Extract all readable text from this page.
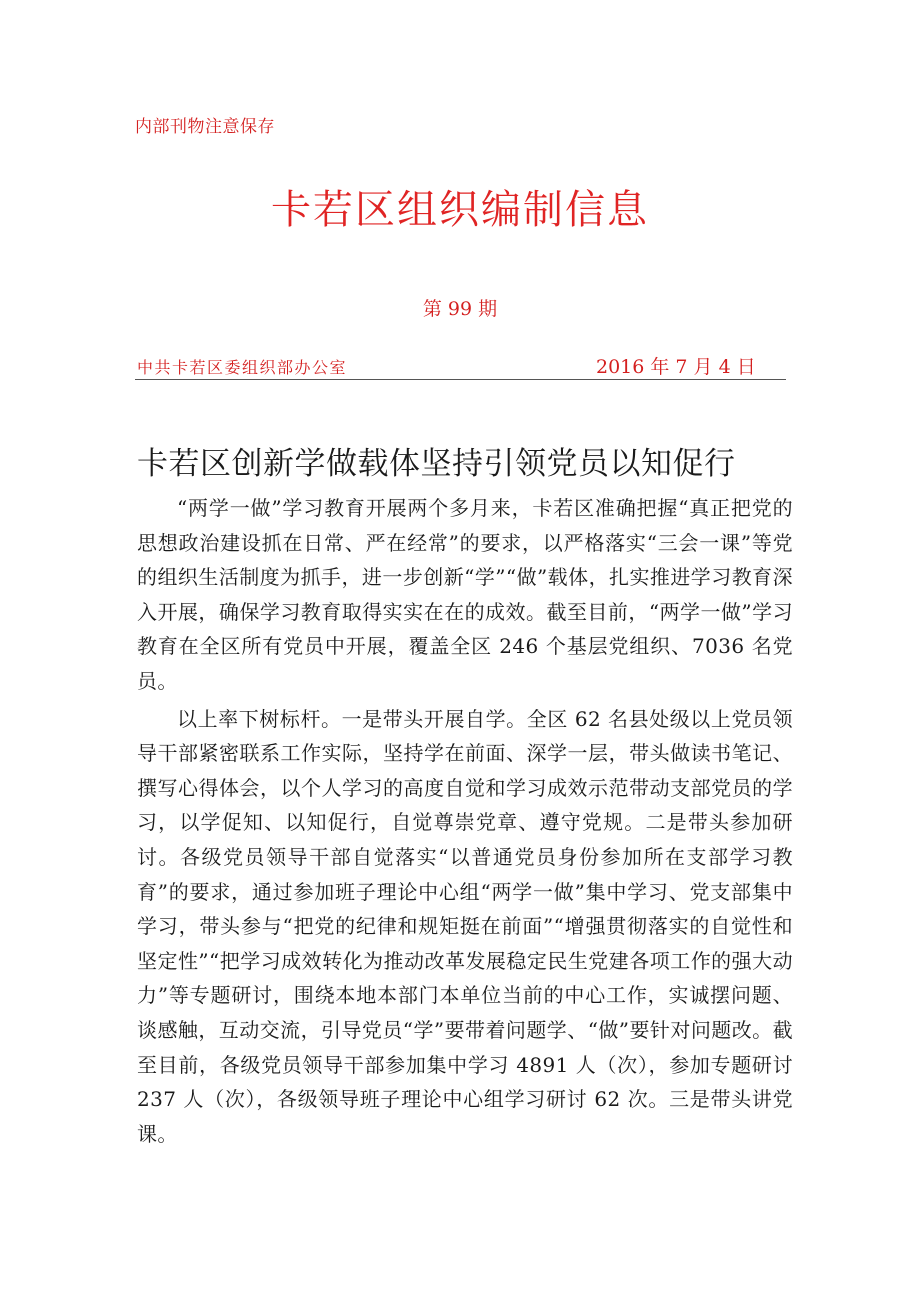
内部刊物注意保存
卡若区组织编制信息
第 99 期
中共卡若区委组织部办公室	2016 年 7 月 4 日
卡若区创新学做载体坚持引领党员以知促行

“两学一做”学习教育开展两个多月来，卡若区准确把握“真正把党的思想政治建设抓在日常、严在经常”的要求，以严格落实“三会一课”等党的组织生活制度为抓手，进一步创新“学”“做”载体，扎实推进学习教育深入开展，确保学习教育取得实实在在的成效。截至目前，“两学一做”学习教育在全区所有党员中开展，覆盖全区 246 个基层党组织、7036 名党员。

以上率下树标杆。一是带头开展自学。全区 62 名县处级以上党员领导干部紧密联系工作实际，坚持学在前面、深学一层，带头做读书笔记、撰写心得体会，以个人学习的高度自觉和学习成效示范带动支部党员的学习，以学促知、以知促行，自觉尊崇党章、遵守党规。二是带头参加研讨。各级党员领导干部自觉落实“以普通党员身份参加所在支部学习教育”的要求，通过参加班子理论中心组“两学一做”集中学习、党支部集中学习，带头参与“把党的纪律和规矩挺在前面”“增强贯彻落实的自觉性和坚定性”“把学习成效转化为推动改革发展稳定民生党建各项工作的强大动力”等专题研讨，围绕本地本部门本单位当前的中心工作，实诚摆问题、谈感触，互动交流，引导党员“学”要带着问题学、“做”要针对问题改。截至目前，各级党员领导干部参加集中学习 4891 人（次），参加专题研讨 237 人（次），各级领导班子理论中心组学习研讨 62 次。三是带头讲党课。
